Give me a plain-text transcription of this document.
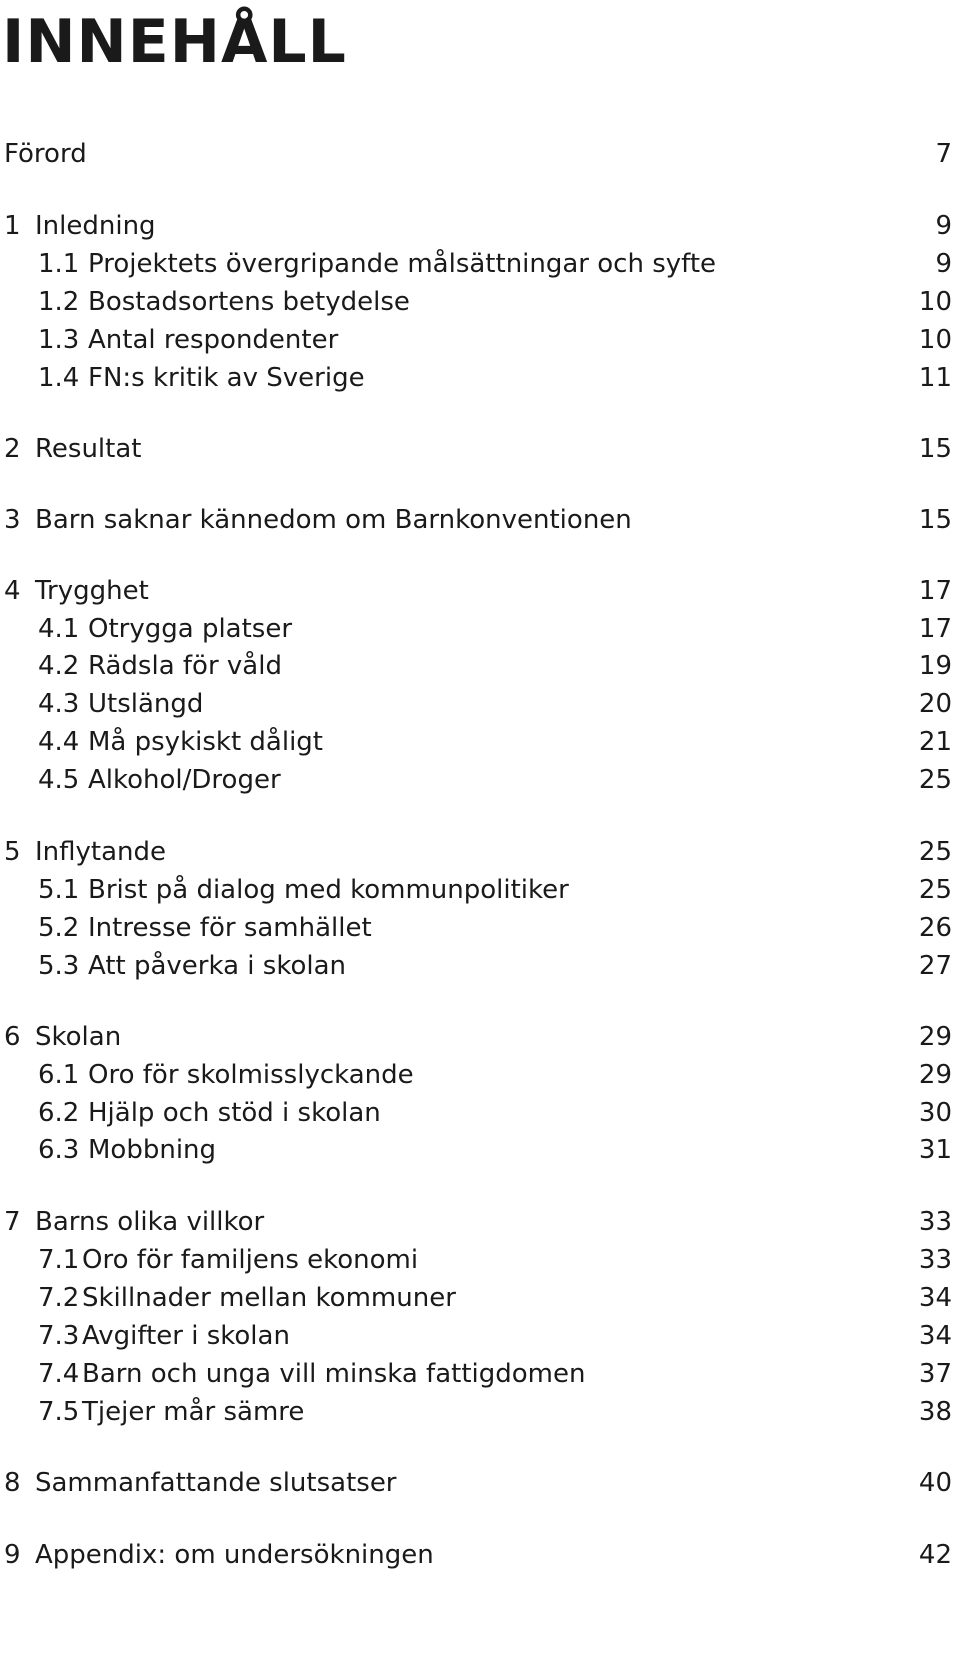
INNEHÅLL
Förord	7
1 Inledning	9
1.1 Projektets övergripande målsättningar och syfte	9
1.2 Bostadsortens betydelse	10
1.3 Antal respondenter	10
1.4 FN:s kritik av Sverige	11
2 Resultat	15
3 Barn saknar kännedom om Barnkonventionen	15
4 Trygghet	17
4.1 Otrygga platser	17
4.2 Rädsla för våld	19
4.3 Utslängd	20
4.4 Må psykiskt dåligt	21
4.5 Alkohol/Droger	25
5 Inflytande	25
5.1 Brist på dialog med kommunpolitiker	25
5.2 Intresse för samhället	26
5.3 Att påverka i skolan	27
6 Skolan	29
6.1 Oro för skolmisslyckande	29
6.2 Hjälp och stöd i skolan	30
6.3 Mobbning	31
7 Barns olika villkor	33
7.1 Oro för familjens ekonomi	33
7.2 Skillnader mellan kommuner	34
7.3 Avgifter i skolan	34
7.4 Barn och unga vill minska fattigdomen	37
7.5 Tjejer mår sämre	38
8 Sammanfattande slutsatser	40
9 Appendix: om undersökningen	42
